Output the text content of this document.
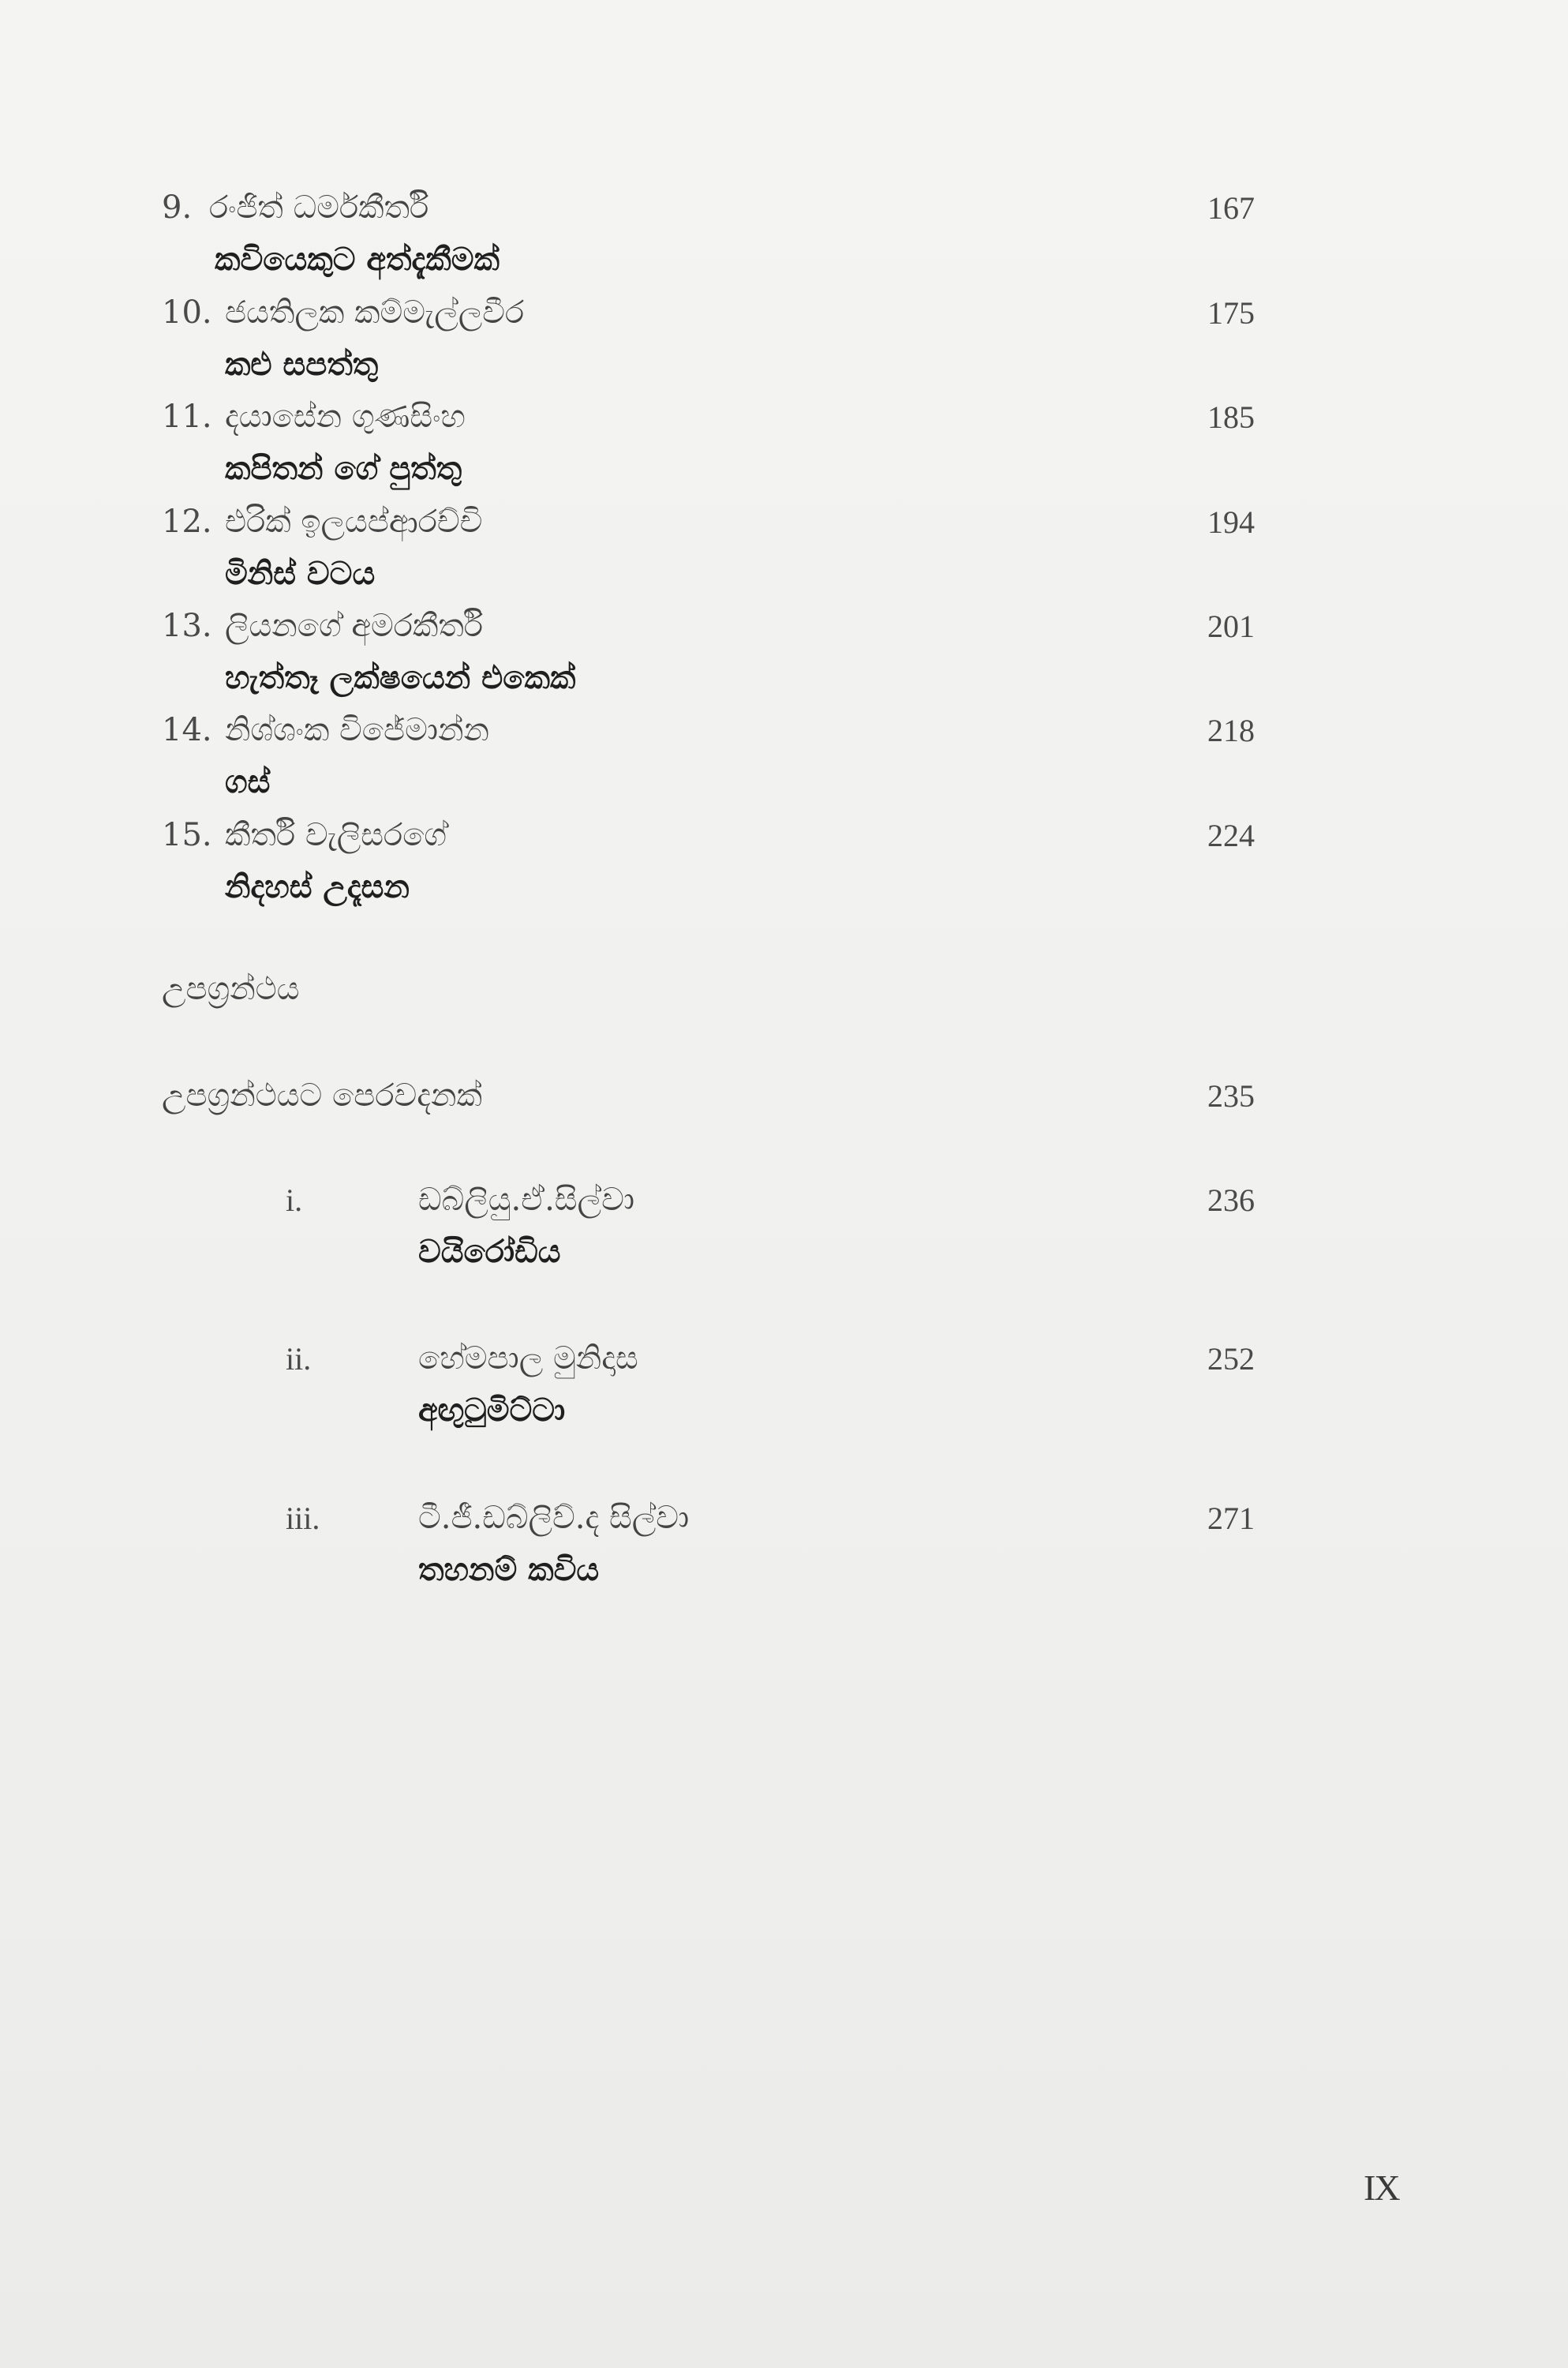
9. රංජිත් ධර්මකීර්ති	167
කවියෙකුට අත්දැකීමක්
10. ජයතිලක කම්මැල්ලවීර	175
කළු සපත්තු
11. දයාසේන ගුණසිංහ	185
කපිතන් ගේ පුත්තු
12. එරික් ඉලයප්ආරච්චි	194
මිනිස් වටය
13. ලියනගේ අමරකීර්ති	201
හැත්තෑ ලක්ෂයෙන් එකෙක්
14. නිශ්ශංක විජේමාන්න	218
ගස්
15. කීර්ති වැලිසරගේ	224
නිදහස් උදෑසන
උපග්‍රන්ථය
උපග්‍රන්ථයට පෙරවදනක්	235
i.	ඩබ්ලියු.ඒ.සිල්වා	236
වයිරෝඩිය
ii.	හේමපාල මුනිදාස	252
අඟුටුමිට්ටා
iii.	ටී.ජී.ඩබ්ලිව්.ද සිල්වා	271
තහනම් කවිය
IX
